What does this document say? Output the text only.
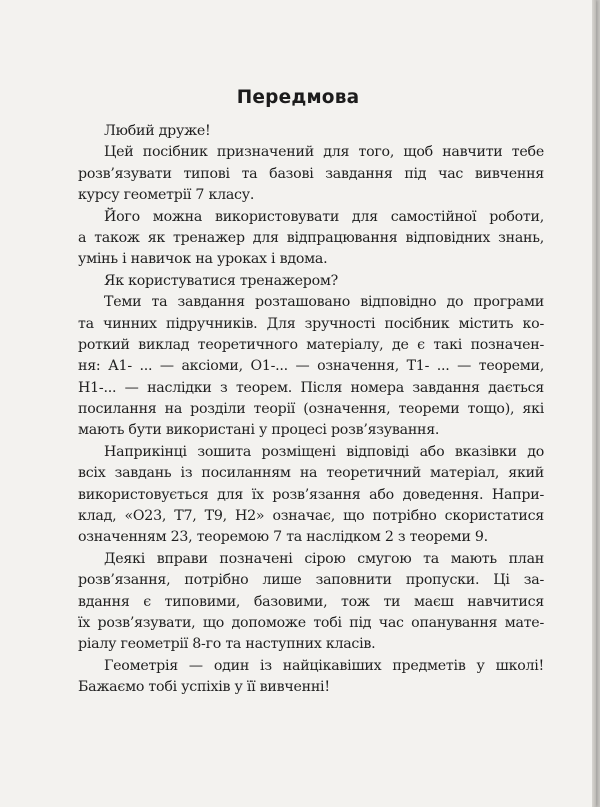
Передмова
Любий друже!
Цей посібник призначений для того, щоб навчити тебе
розв’язувати типові та базові завдання під час вивчення
курсу геометрії 7 класу.
Його можна використовувати для самостійної роботи,
а також як тренажер для відпрацювання відповідних знань,
умінь і навичок на уроках і вдома.
Як користуватися тренажером?
Теми та завдання розташовано відповідно до програми
та чинних підручників. Для зручності посібник містить ко-
роткий виклад теоретичного матеріалу, де є такі позначен-
ня: А1- ... — аксіоми, О1-... — означення, Т1- ... — теореми,
Н1-... — наслідки з теорем. Після номера завдання дається
посилання на розділи теорії (означення, теореми тощо), які
мають бути використані у процесі розв’язування.
Наприкінці зошита розміщені відповіді або вказівки до
всіх завдань із посиланням на теоретичний матеріал, який
використовується для їх розв’язання або доведення. Напри-
клад, «О23, Т7, Т9, Н2» означає, що потрібно скористатися
означенням 23, теоремою 7 та наслідком 2 з теореми 9.
Деякі вправи позначені сірою смугою та мають план
розв’язання, потрібно лише заповнити пропуски. Ці за-
вдання є типовими, базовими, тож ти маєш навчитися
їх розв’язувати, що допоможе тобі під час опанування мате-
ріалу геометрії 8-го та наступних класів.
Геометрія — один із найцікавіших предметів у школі!
Бажаємо тобі успіхів у її вивченні!
